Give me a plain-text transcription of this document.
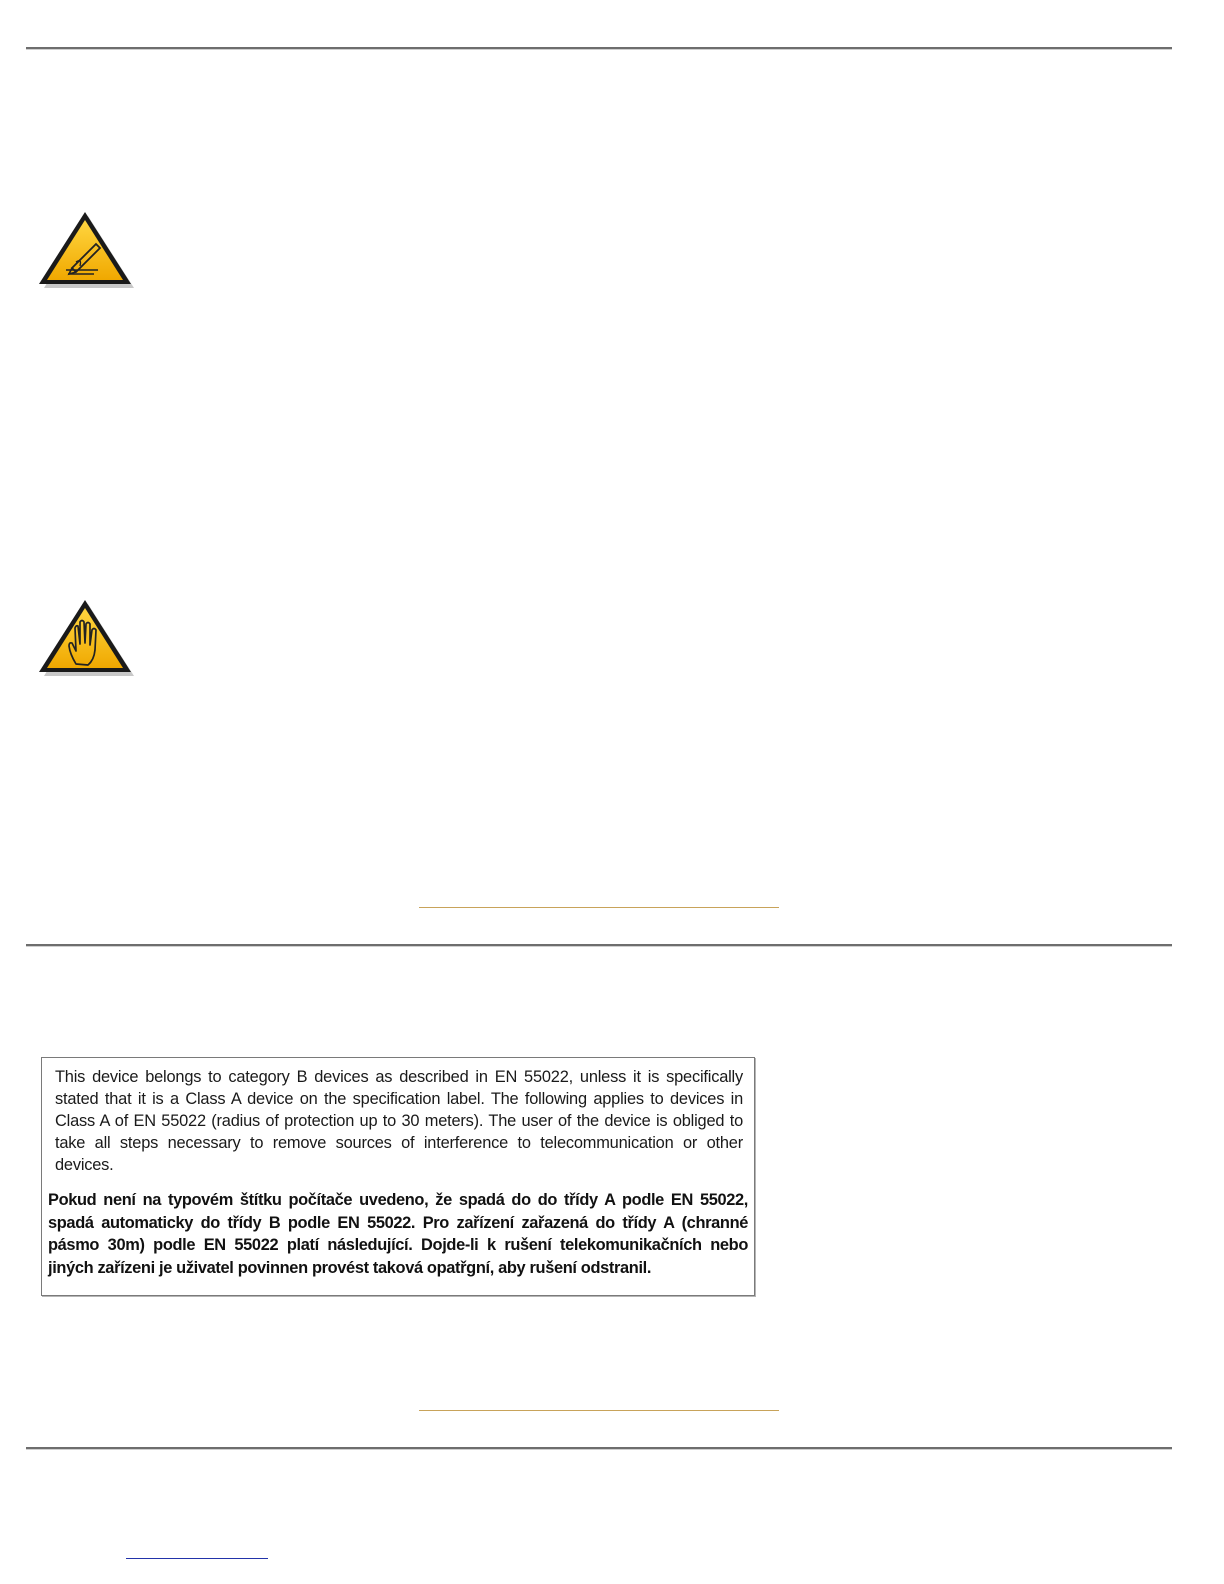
This device belongs to category B devices as described in EN 55022, unless it is specifically stated that it is a Class A device on the specification label. The following applies to devices in Class A of EN 55022 (radius of protection up to 30 meters). The user of the device is obliged to take all steps necessary to remove sources of interference to telecommunication or other devices.
Pokud není na typovém štítku počítače uvedeno, že spadá do do třídy A podle EN 55022, spadá automaticky do třídy B podle EN 55022. Pro zařízení zařazená do třídy A (chranné pásmo 30m) podle EN 55022 platí následující. Dojde-li k rušení telekomunikačních nebo jiných zařízeni je uživatel povinnen provést taková opatřgní, aby rušení odstranil.
